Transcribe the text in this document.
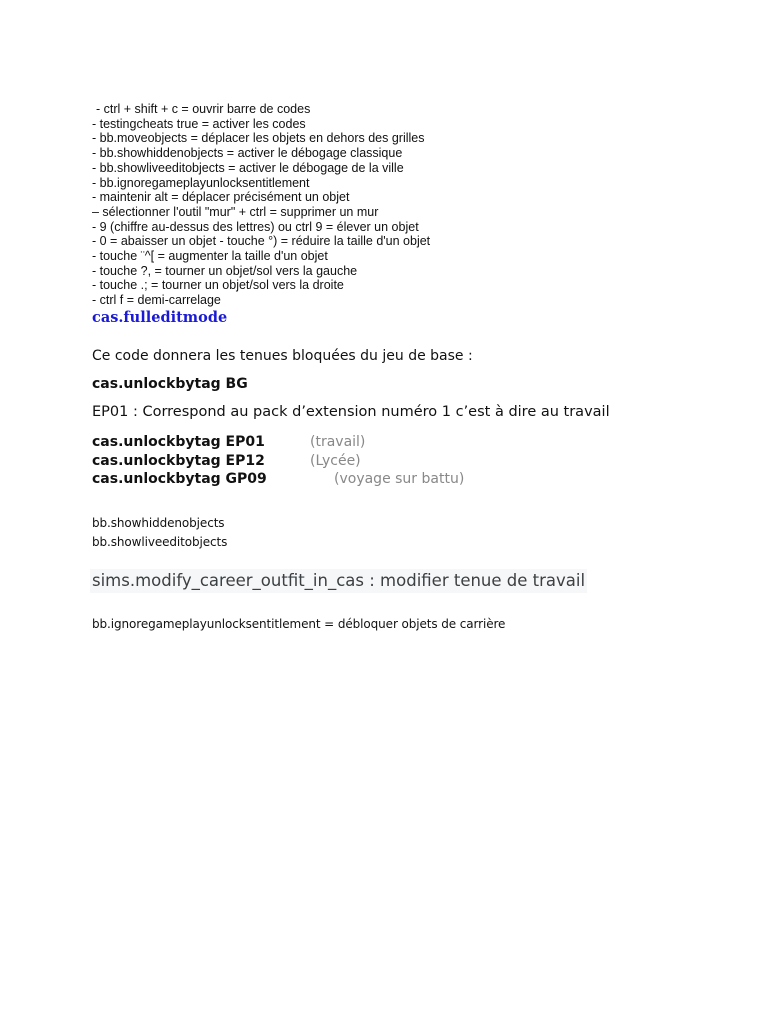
- ctrl + shift + c = ouvrir barre de codes
- testingcheats true = activer les codes
- bb.moveobjects = déplacer les objets en dehors des grilles
- bb.showhiddenobjects = activer le débogage classique
- bb.showliveeditobjects = activer le débogage de la ville
- bb.ignoregameplayunlocksentitlement
- maintenir alt = déplacer précisément un objet
– sélectionner l'outil "mur" + ctrl = supprimer un mur
- 9 (chiffre au-dessus des lettres) ou ctrl 9 = élever un objet
- 0 = abaisser un objet - touche °) = réduire la taille d'un objet
- touche ¨^[ = augmenter la taille d'un objet
- touche ?, = tourner un objet/sol vers la gauche
- touche .; = tourner un objet/sol vers la droite
- ctrl f = demi-carrelage
cas.fulleditmode
Ce code donnera les tenues bloquées du jeu de base :
cas.unlockbytag BG
EP01 : Correspond au pack d’extension numéro 1 c’est à dire au travail
cas.unlockbytag EP01	(travail)
cas.unlockbytag EP12	(Lycée)
cas.unlockbytag GP09	(voyage sur battu)
bb.showhiddenobjects
bb.showliveeditobjects
sims.modify_career_outfit_in_cas : modifier tenue de travail
bb.ignoregameplayunlocksentitlement = débloquer objets de carrière
